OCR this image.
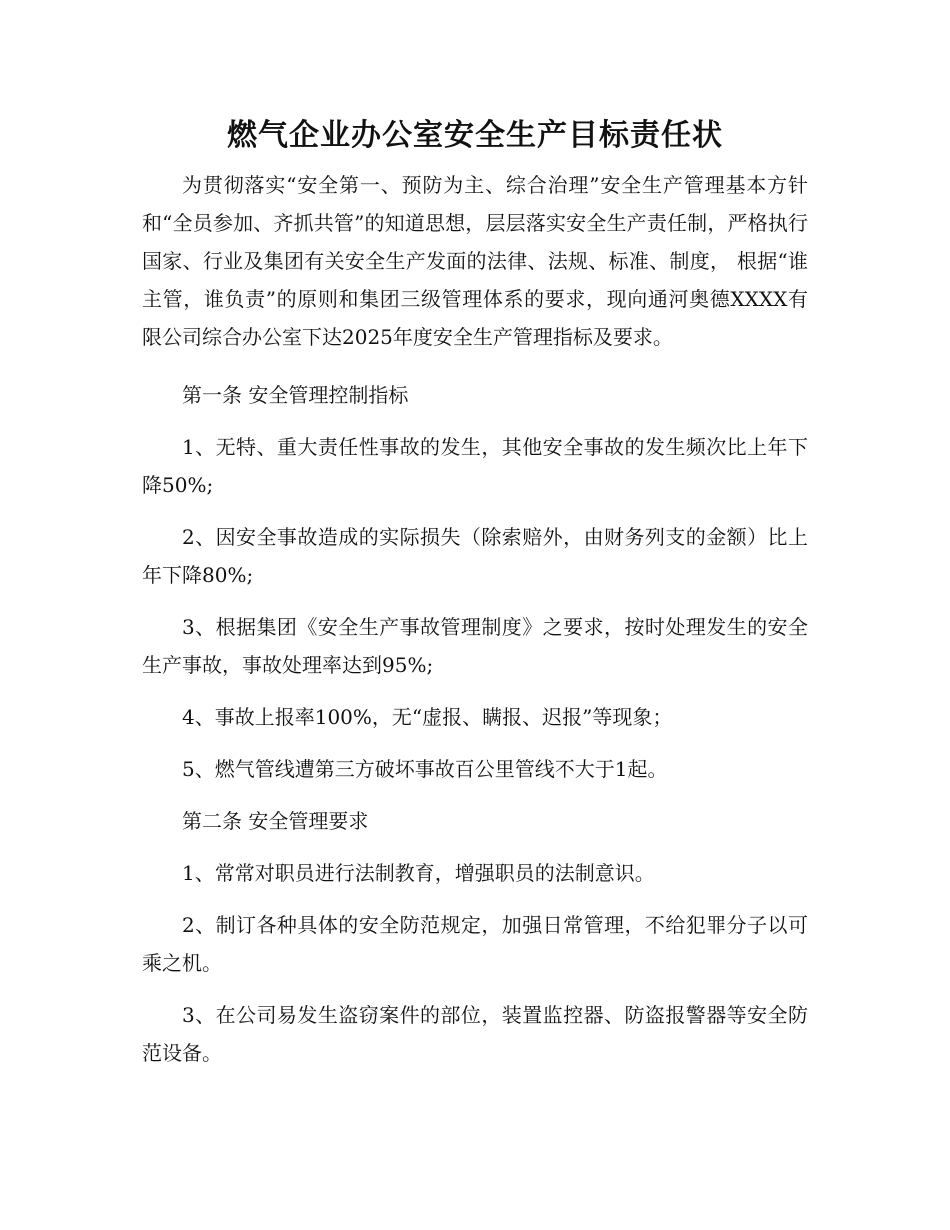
燃气企业办公室安全生产目标责任状

为贯彻落实“安全第一、预防为主、综合治理”安全生产管理基本方针和“全员参加、齐抓共管”的知道思想，层层落实安全生产责任制，严格执行国家、行业及集团有关安全生产发面的法律、法规、标准、制度， 根据“谁主管，谁负责”的原则和集团三级管理体系的要求，现向通河奥德XXXX有限公司综合办公室下达2025年度安全生产管理指标及要求。

第一条 安全管理控制指标

1、无特、重大责任性事故的发生，其他安全事故的发生频次比上年下降50%;

2、因安全事故造成的实际损失（除索赔外，由财务列支的金额）比上年下降80%;

3、根据集团《安全生产事故管理制度》之要求，按时处理发生的安全生产事故，事故处理率达到95%;

4、事故上报率100%，无“虚报、瞒报、迟报”等现象；

5、燃气管线遭第三方破坏事故百公里管线不大于1起。

第二条 安全管理要求

1、常常对职员进行法制教育，增强职员的法制意识。

2、制订各种具体的安全防范规定，加强日常管理，不给犯罪分子以可乘之机。

3、在公司易发生盗窃案件的部位，装置监控器、防盗报警器等安全防范设备。
